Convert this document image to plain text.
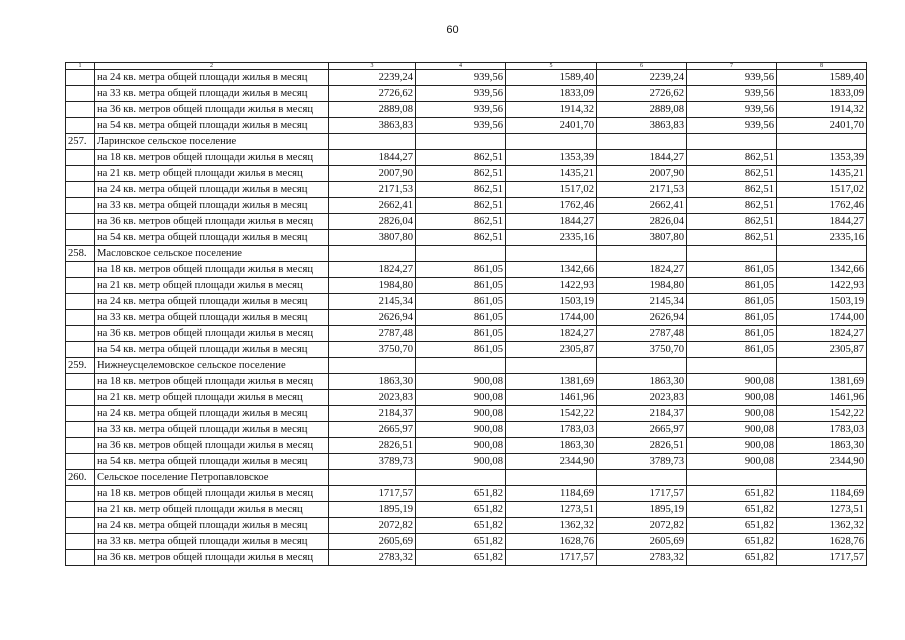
60
1	2	3	4	5	6	7	8
	на 24 кв. метра общей площади жилья в месяц	2239,24	939,56	1589,40	2239,24	939,56	1589,40
	на 33 кв. метра общей площади жилья в месяц	2726,62	939,56	1833,09	2726,62	939,56	1833,09
	на 36 кв. метров общей площади жилья в месяц	2889,08	939,56	1914,32	2889,08	939,56	1914,32
	на 54 кв. метра общей площади жилья в месяц	3863,83	939,56	2401,70	3863,83	939,56	2401,70
257.	Ларинское сельское поселение						
	на 18 кв. метров общей площади жилья в месяц	1844,27	862,51	1353,39	1844,27	862,51	1353,39
	на 21 кв. метр общей площади жилья в месяц	2007,90	862,51	1435,21	2007,90	862,51	1435,21
	на 24 кв. метра общей площади жилья в месяц	2171,53	862,51	1517,02	2171,53	862,51	1517,02
	на 33 кв. метра общей площади жилья в месяц	2662,41	862,51	1762,46	2662,41	862,51	1762,46
	на 36 кв. метров общей площади жилья в месяц	2826,04	862,51	1844,27	2826,04	862,51	1844,27
	на 54 кв. метра общей площади жилья в месяц	3807,80	862,51	2335,16	3807,80	862,51	2335,16
258.	Масловское сельское поселение						
	на 18 кв. метров общей площади жилья в месяц	1824,27	861,05	1342,66	1824,27	861,05	1342,66
	на 21 кв. метр общей площади жилья в месяц	1984,80	861,05	1422,93	1984,80	861,05	1422,93
	на 24 кв. метра общей площади жилья в месяц	2145,34	861,05	1503,19	2145,34	861,05	1503,19
	на 33 кв. метра общей площади жилья в месяц	2626,94	861,05	1744,00	2626,94	861,05	1744,00
	на 36 кв. метров общей площади жилья в месяц	2787,48	861,05	1824,27	2787,48	861,05	1824,27
	на 54 кв. метра общей площади жилья в месяц	3750,70	861,05	2305,87	3750,70	861,05	2305,87
259.	Нижнеусцелемовское сельское поселение						
	на 18 кв. метров общей площади жилья в месяц	1863,30	900,08	1381,69	1863,30	900,08	1381,69
	на 21 кв. метр общей площади жилья в месяц	2023,83	900,08	1461,96	2023,83	900,08	1461,96
	на 24 кв. метра общей площади жилья в месяц	2184,37	900,08	1542,22	2184,37	900,08	1542,22
	на 33 кв. метра общей площади жилья в месяц	2665,97	900,08	1783,03	2665,97	900,08	1783,03
	на 36 кв. метров общей площади жилья в месяц	2826,51	900,08	1863,30	2826,51	900,08	1863,30
	на 54 кв. метра общей площади жилья в месяц	3789,73	900,08	2344,90	3789,73	900,08	2344,90
260.	Сельское поселение Петропавловское						
	на 18 кв. метров общей площади жилья в месяц	1717,57	651,82	1184,69	1717,57	651,82	1184,69
	на 21 кв. метр общей площади жилья в месяц	1895,19	651,82	1273,51	1895,19	651,82	1273,51
	на 24 кв. метра общей площади жилья в месяц	2072,82	651,82	1362,32	2072,82	651,82	1362,32
	на 33 кв. метра общей площади жилья в месяц	2605,69	651,82	1628,76	2605,69	651,82	1628,76
	на 36 кв. метров общей площади жилья в месяц	2783,32	651,82	1717,57	2783,32	651,82	1717,57
